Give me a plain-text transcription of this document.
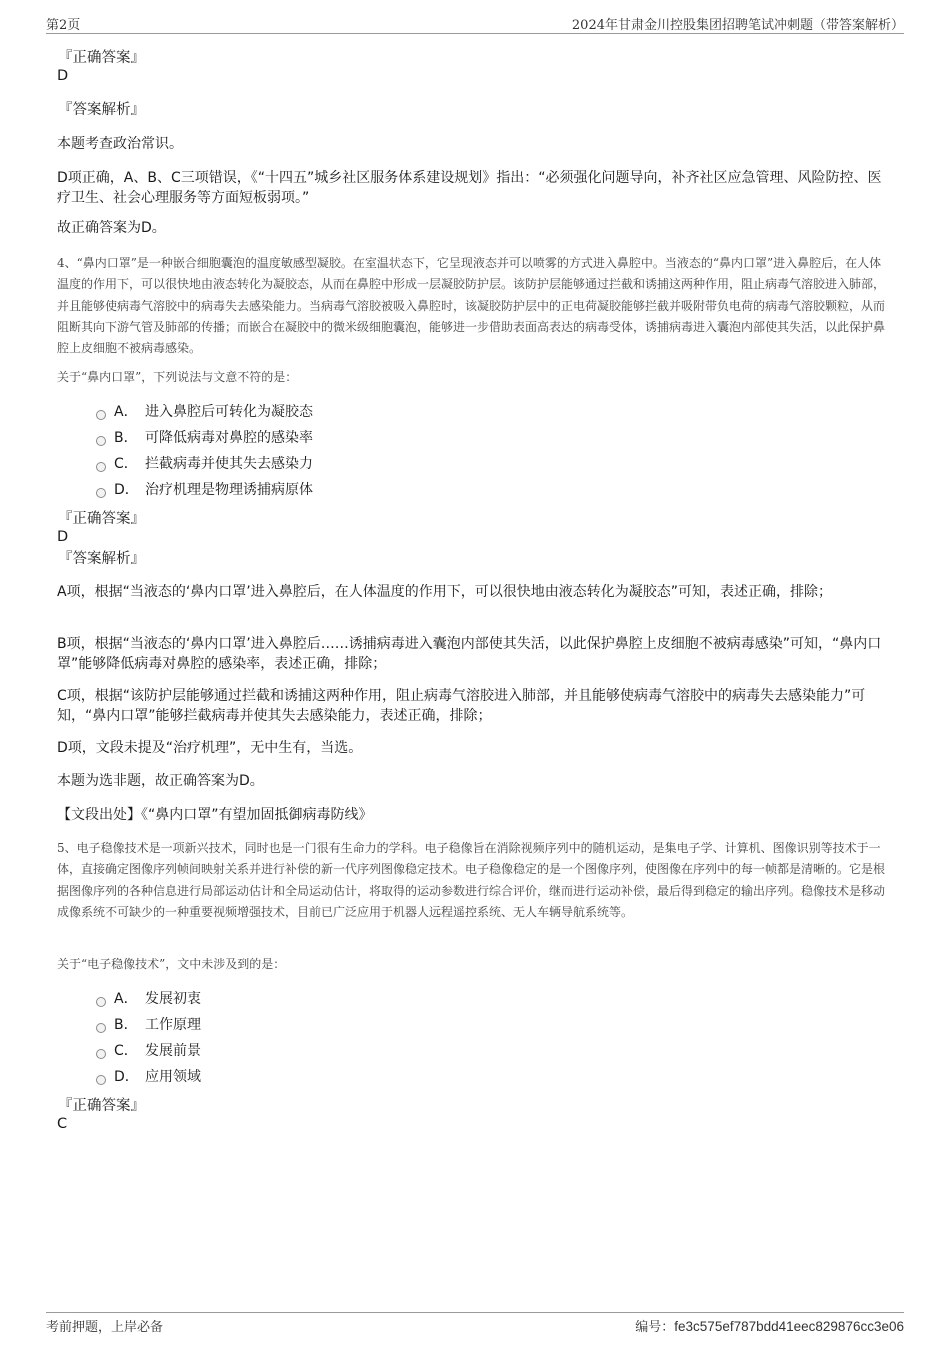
第2页	2024年甘肃金川控股集团招聘笔试冲刺题（带答案解析）
『正确答案』
D
『答案解析』
本题考查政治常识。
D项正确，A、B、C三项错误，《“十四五”城乡社区服务体系建设规划》指出：“必须强化问题导向，补齐社区应急管理、风险防控、医疗卫生、社会心理服务等方面短板弱项。”
故正确答案为D。
4、“鼻内口罩”是一种嵌合细胞囊泡的温度敏感型凝胶。在室温状态下，它呈现液态并可以喷雾的方式进入鼻腔中。当液态的“鼻内口罩”进入鼻腔后，在人体温度的作用下，可以很快地由液态转化为凝胶态，从而在鼻腔中形成一层凝胶防护层。该防护层能够通过拦截和诱捕这两种作用，阻止病毒气溶胶进入肺部，并且能够使病毒气溶胶中的病毒失去感染能力。当病毒气溶胶被吸入鼻腔时，该凝胶防护层中的正电荷凝胶能够拦截并吸附带负电荷的病毒气溶胶颗粒，从而阻断其向下游气管及肺部的传播；而嵌合在凝胶中的微米级细胞囊泡，能够进一步借助表面高表达的病毒受体，诱捕病毒进入囊泡内部使其失活，以此保护鼻腔上皮细胞不被病毒感染。
关于“鼻内口罩”，下列说法与文意不符的是：
A． 进入鼻腔后可转化为凝胶态
B． 可降低病毒对鼻腔的感染率
C． 拦截病毒并使其失去感染力
D． 治疗机理是物理诱捕病原体
『正确答案』
D
『答案解析』
A项，根据“当液态的‘鼻内口罩’进入鼻腔后，在人体温度的作用下，可以很快地由液态转化为凝胶态”可知，表述正确，排除；
B项，根据“当液态的‘鼻内口罩’进入鼻腔后……诱捕病毒进入囊泡内部使其失活，以此保护鼻腔上皮细胞不被病毒感染”可知，“鼻内口罩”能够降低病毒对鼻腔的感染率，表述正确，排除；
C项，根据“该防护层能够通过拦截和诱捕这两种作用，阻止病毒气溶胶进入肺部，并且能够使病毒气溶胶中的病毒失去感染能力”可知，“鼻内口罩”能够拦截病毒并使其失去感染能力，表述正确，排除；
D项，文段未提及“治疗机理”，无中生有，当选。
本题为选非题，故正确答案为D。
【文段出处】《“鼻内口罩”有望加固抵御病毒防线》
5、电子稳像技术是一项新兴技术，同时也是一门很有生命力的学科。电子稳像旨在消除视频序列中的随机运动，是集电子学、计算机、图像识别等技术于一体，直接确定图像序列帧间映射关系并进行补偿的新一代序列图像稳定技术。电子稳像稳定的是一个图像序列，使图像在序列中的每一帧都是清晰的。它是根据图像序列的各种信息进行局部运动估计和全局运动估计，将取得的运动参数进行综合评价，继而进行运动补偿，最后得到稳定的输出序列。稳像技术是移动成像系统不可缺少的一种重要视频增强技术，目前已广泛应用于机器人远程遥控系统、无人车辆导航系统等。
关于“电子稳像技术”，文中未涉及到的是：
A． 发展初衷
B． 工作原理
C． 发展前景
D． 应用领域
『正确答案』
C
考前押题，上岸必备	编号：fe3c575ef787bdd41eec829876cc3e06
